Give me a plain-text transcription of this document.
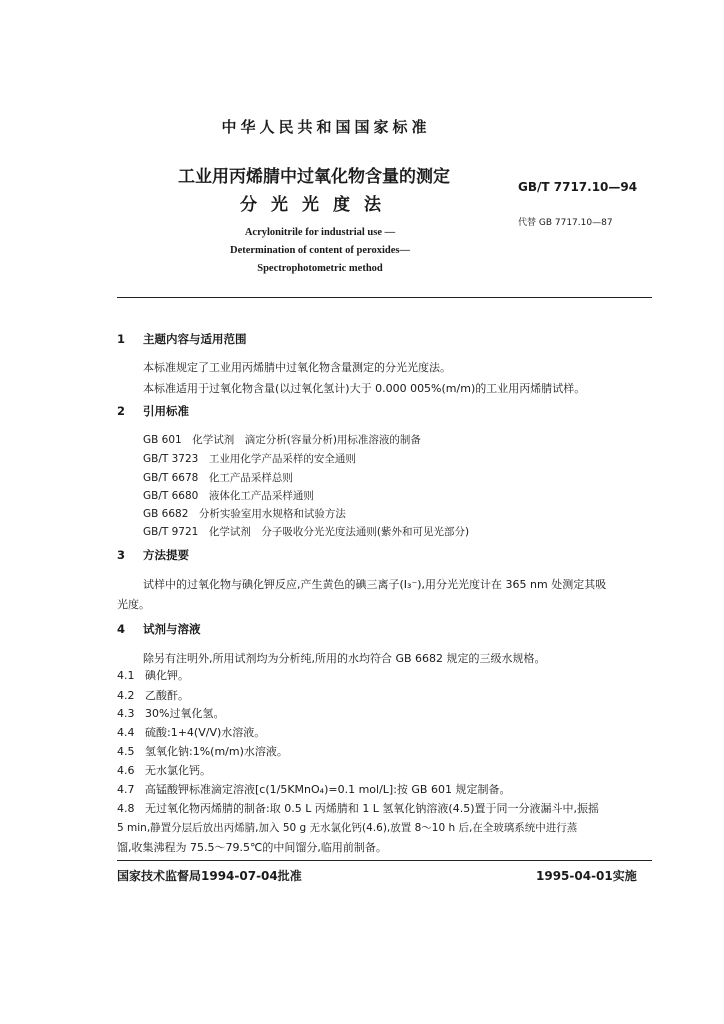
中华人民共和国国家标准
工业用丙烯腈中过氧化物含量的测定
分光光度法
GB/T 7717.10—94
代替 GB 7717.10—87
Acrylonitrile for industrial use —
Determination of content of peroxides—
Spectrophotometric method
1 主题内容与适用范围
本标准规定了工业用丙烯腈中过氧化物含量测定的分光光度法。
本标准适用于过氧化物含量(以过氧化氢计)大于 0.000 005%(m/m)的工业用丙烯腈试样。
2 引用标准
GB 601　化学试剂　滴定分析(容量分析)用标准溶液的制备
GB/T 3723　工业用化学产品采样的安全通则
GB/T 6678　化工产品采样总则
GB/T 6680　液体化工产品采样通则
GB 6682　分析实验室用水规格和试验方法
GB/T 9721　化学试剂　分子吸收分光光度法通则(紫外和可见光部分)
3 方法提要
试样中的过氧化物与碘化钾反应,产生黄色的碘三离子(I₃⁻),用分光光度计在 365 nm 处测定其吸
光度。
4 试剂与溶液
除另有注明外,所用试剂均为分析纯,所用的水均符合 GB 6682 规定的三级水规格。
4.1 碘化钾。
4.2 乙酸酐。
4.3 30%过氧化氢。
4.4 硫酸:1+4(V/V)水溶液。
4.5 氢氧化钠:1%(m/m)水溶液。
4.6 无水氯化钙。
4.7 高锰酸钾标准滴定溶液[c(1/5KMnO₄)=0.1 mol/L]:按 GB 601 规定制备。
4.8 无过氧化物丙烯腈的制备:取 0.5 L 丙烯腈和 1 L 氢氧化钠溶液(4.5)置于同一分液漏斗中,振摇
5 min,静置分层后放出丙烯腈,加入 50 g 无水氯化钙(4.6),放置 8～10 h 后,在全玻璃系统中进行蒸
馏,收集沸程为 75.5～79.5℃的中间馏分,临用前制备。
国家技术监督局1994-07-04批准	1995-04-01实施
